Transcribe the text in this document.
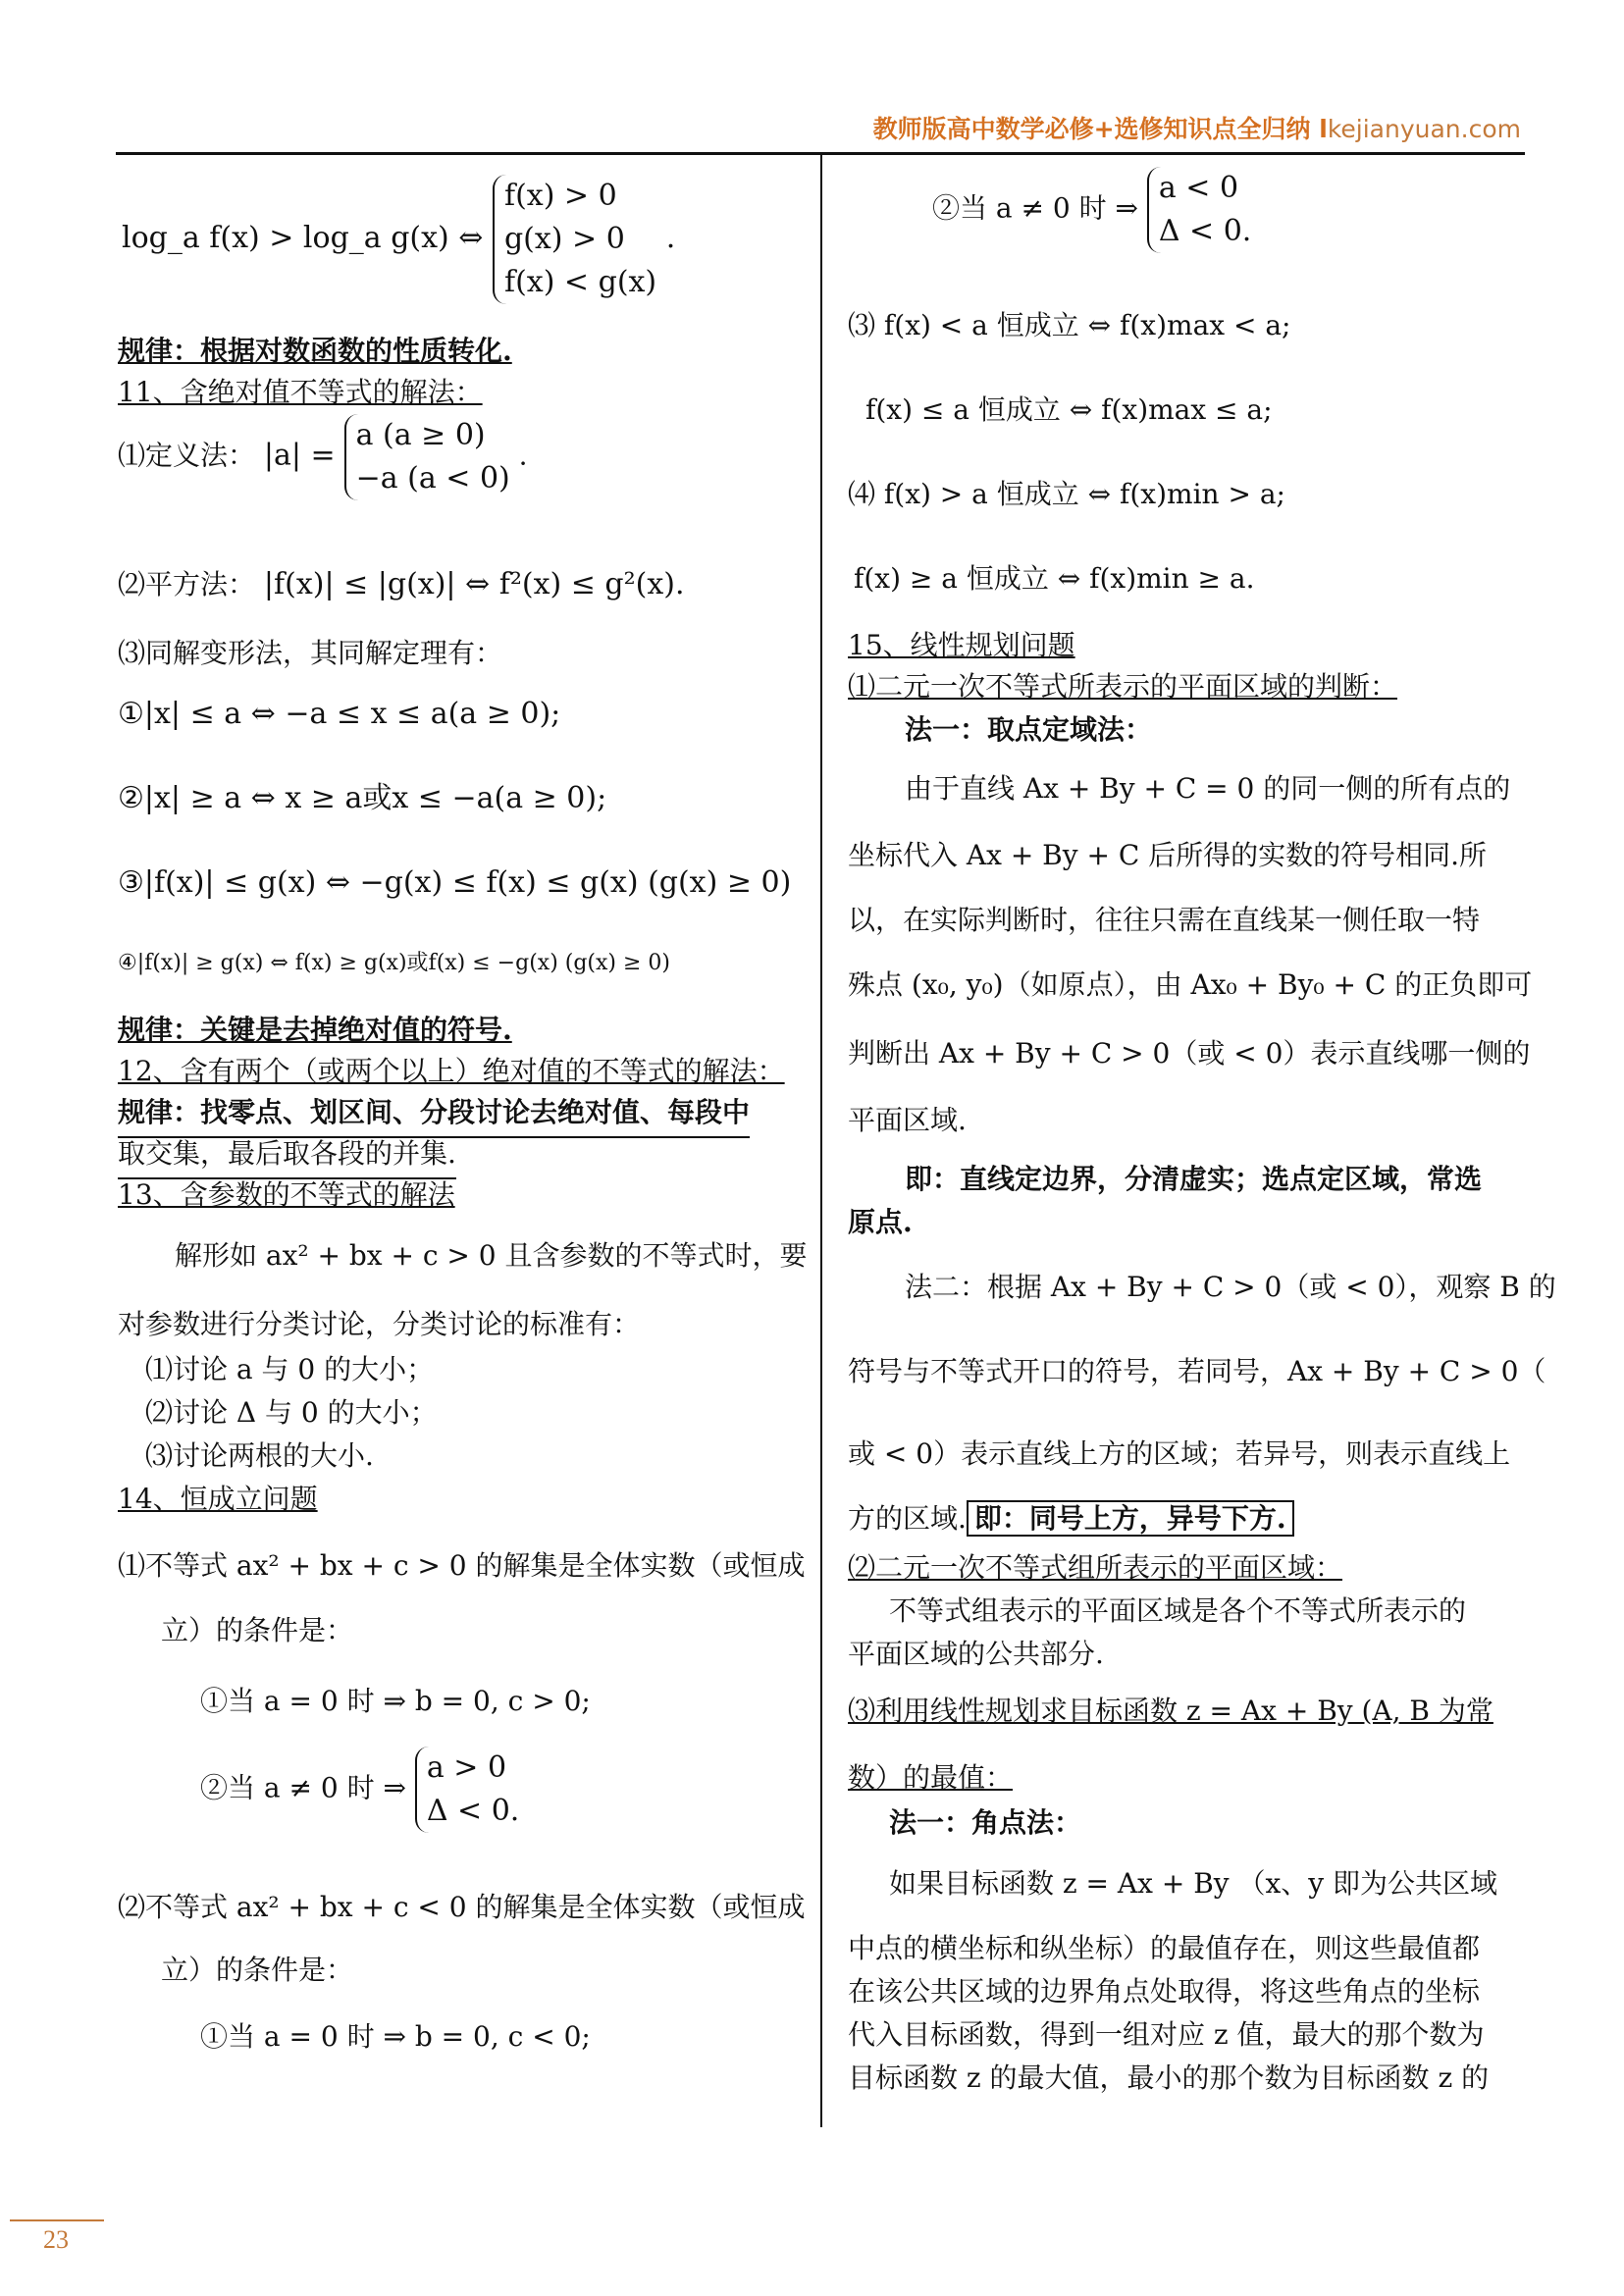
教师版高中数学必修+选修知识点全归纳 lkejianyuan.com
log_a f(x) > log_a g(x) ⇔
f(x) > 0
g(x) > 0
f(x) < g(x)
.
规律：根据对数函数的性质转化.
11、含绝对值不等式的解法：
⑴定义法： |a| =
a (a ≥ 0)
−a (a < 0)
.
⑵平方法： |f(x)| ≤ |g(x)| ⇔ f²(x) ≤ g²(x).
⑶同解变形法，其同解定理有：
①|x| ≤ a ⇔ −a ≤ x ≤ a(a ≥ 0);
②|x| ≥ a ⇔ x ≥ a或x ≤ −a(a ≥ 0);
③|f(x)| ≤ g(x) ⇔ −g(x) ≤ f(x) ≤ g(x) (g(x) ≥ 0)
④|f(x)| ≥ g(x) ⇔ f(x) ≥ g(x)或f(x) ≤ −g(x) (g(x) ≥ 0)
规律：关键是去掉绝对值的符号.
12、含有两个（或两个以上）绝对值的不等式的解法：
规律：找零点、划区间、分段讨论去绝对值、每段中
取交集，最后取各段的并集.
13、含参数的不等式的解法
解形如 ax² + bx + c > 0 且含参数的不等式时，要
对参数进行分类讨论，分类讨论的标准有：
⑴讨论 a 与 0 的大小；
⑵讨论 Δ 与 0 的大小；
⑶讨论两根的大小.
14、恒成立问题
⑴不等式 ax² + bx + c > 0 的解集是全体实数（或恒成
立）的条件是：
①当 a = 0 时 ⇒ b = 0, c > 0;
②当 a ≠ 0 时 ⇒
a > 0
Δ < 0.
⑵不等式 ax² + bx + c < 0 的解集是全体实数（或恒成
立）的条件是：
①当 a = 0 时 ⇒ b = 0, c < 0;
②当 a ≠ 0 时 ⇒
a < 0
Δ < 0.
⑶ f(x) < a 恒成立 ⇔ f(x)max < a;
f(x) ≤ a 恒成立 ⇔ f(x)max ≤ a;
⑷ f(x) > a 恒成立 ⇔ f(x)min > a;
f(x) ≥ a 恒成立 ⇔ f(x)min ≥ a.
15、线性规划问题
⑴二元一次不等式所表示的平面区域的判断：
法一：取点定域法：
由于直线 Ax + By + C = 0 的同一侧的所有点的
坐标代入 Ax + By + C 后所得的实数的符号相同.所
以，在实际判断时，往往只需在直线某一侧任取一特
殊点 (x₀, y₀)（如原点），由 Ax₀ + By₀ + C 的正负即可
判断出 Ax + By + C > 0（或 < 0）表示直线哪一侧的
平面区域.
即：直线定边界，分清虚实；选点定区域，常选
原点.
法二：根据 Ax + By + C > 0（或 < 0），观察 B 的
符号与不等式开口的符号，若同号，Ax + By + C > 0（
或 < 0）表示直线上方的区域；若异号，则表示直线上
方的区域. 即：同号上方，异号下方.
⑵二元一次不等式组所表示的平面区域：
不等式组表示的平面区域是各个不等式所表示的
平面区域的公共部分.
⑶利用线性规划求目标函数 z = Ax + By (A, B 为常
数）的最值：
法一：角点法：
如果目标函数 z = Ax + By （x、y 即为公共区域
中点的横坐标和纵坐标）的最值存在，则这些最值都
在该公共区域的边界角点处取得，将这些角点的坐标
代入目标函数，得到一组对应 z 值，最大的那个数为
目标函数 z 的最大值，最小的那个数为目标函数 z 的
23
